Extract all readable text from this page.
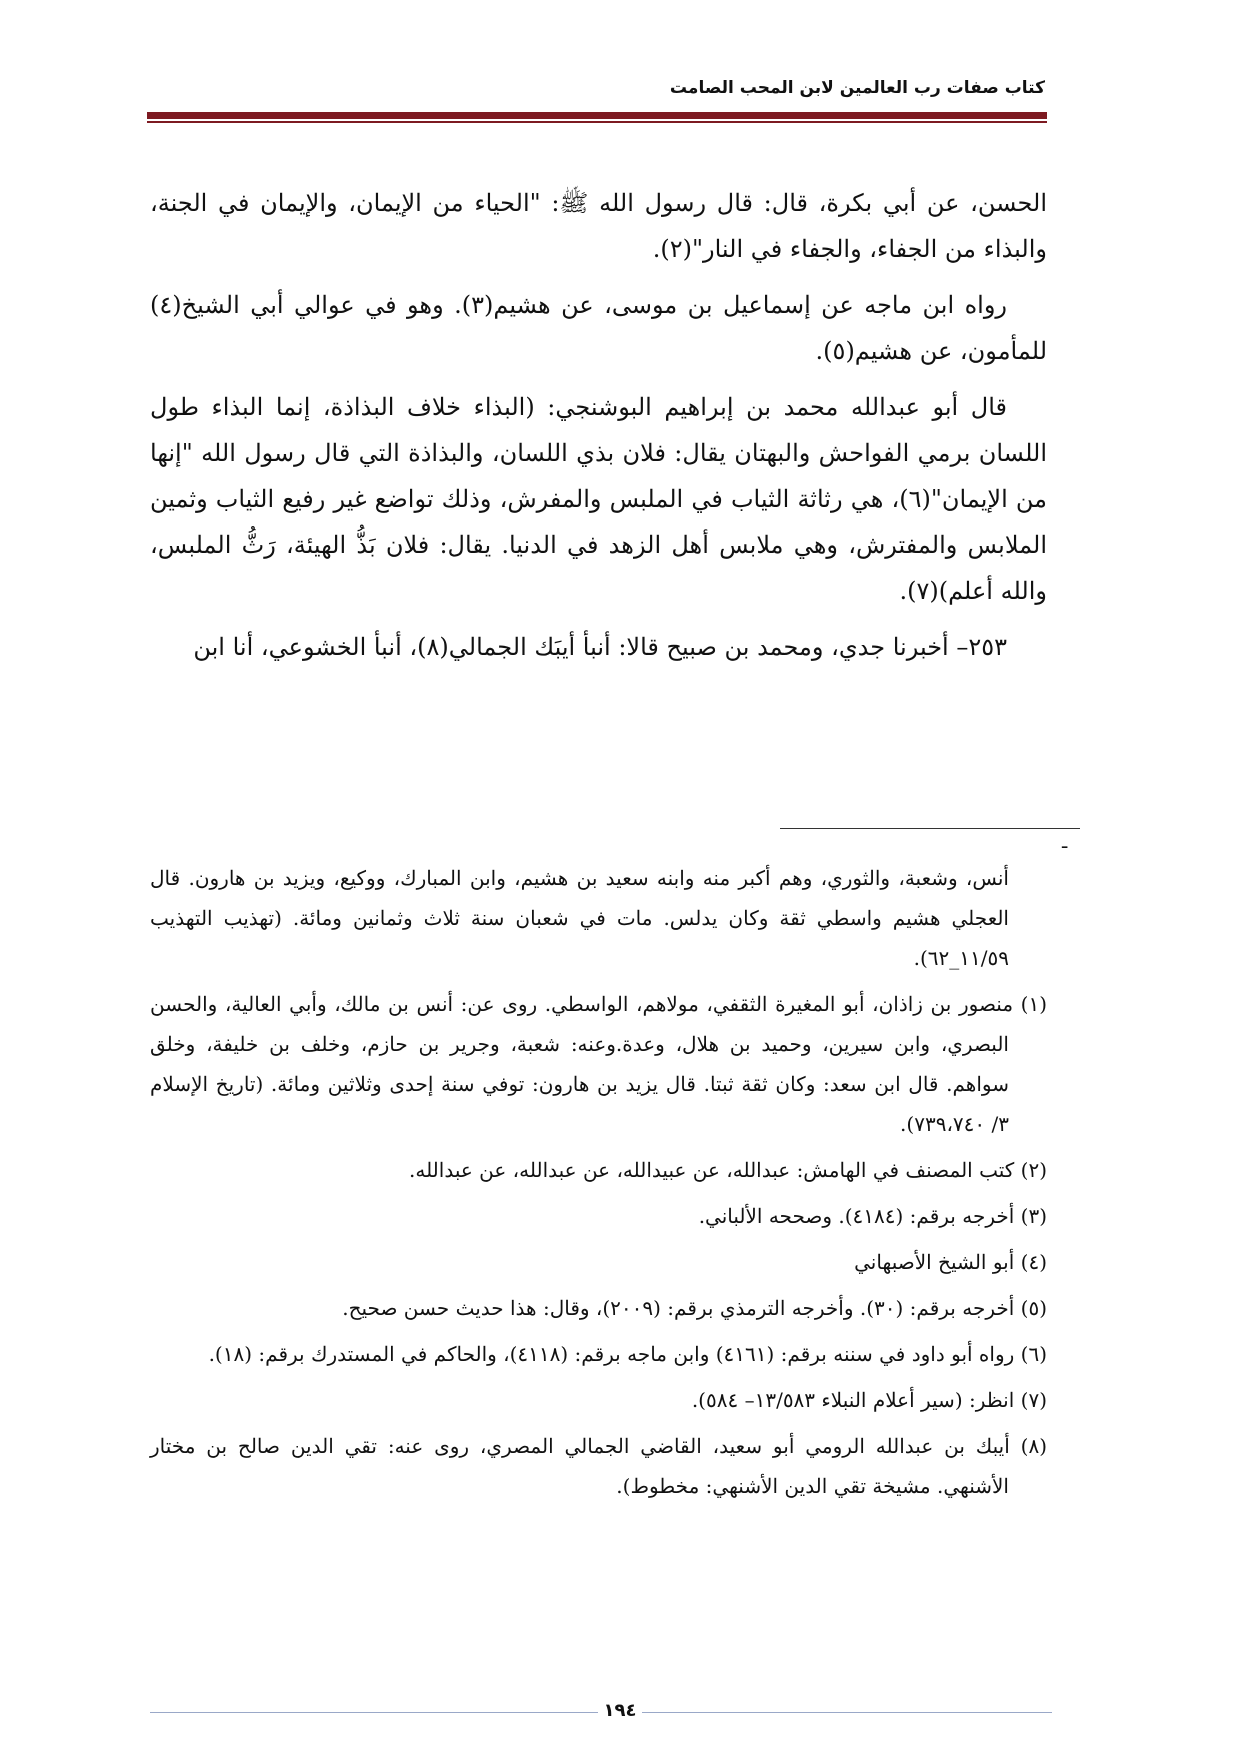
كتاب صفات رب العالمين لابن المحب الصامت

الحسن، عن أبي بكرة، قال: قال رسول الله ﷺ: "الحياء من الإيمان، والإيمان في الجنة، والبذاء من الجفاء، والجفاء في النار"(٢).

رواه ابن ماجه عن إسماعيل بن موسى، عن هشيم(٣). وهو في عوالي أبي الشيخ(٤) للمأمون، عن هشيم(٥).

قال أبو عبدالله محمد بن إبراهيم البوشنجي: (البذاء خلاف البذاذة، إنما البذاء طول اللسان برمي الفواحش والبهتان يقال: فلان بذي اللسان، والبذاذة التي قال رسول الله "إنها من الإيمان"(٦)، هي رثاثة الثياب في الملبس والمفرش، وذلك تواضع غير رفيع الثياب وثمين الملابس والمفترش، وهي ملابس أهل الزهد في الدنيا. يقال: فلان بَذُّ الهيئة، رَثُّ الملبس، والله أعلم)(٧).

٢٥٣– أخبرنا جدي، ومحمد بن صبيح قالا: أنبأ أيبَك الجمالي(٨)، أنبأ الخشوعي، أنا ابن

ـ

أنس، وشعبة، والثوري، وهم أكبر منه وابنه سعيد بن هشيم، وابن المبارك، ووكيع، ويزيد بن هارون. قال العجلي هشيم واسطي ثقة وكان يدلس. مات في شعبان سنة ثلاث وثمانين ومائة. (تهذيب التهذيب ١١/٥٩_٦٢).

(١) منصور بن زاذان، أبو المغيرة الثقفي، مولاهم، الواسطي. روى عن: أنس بن مالك، وأبي العالية، والحسن البصري، وابن سيرين، وحميد بن هلال، وعدة.وعنه: شعبة، وجرير بن حازم، وخلف بن خليفة، وخلق سواهم. قال ابن سعد: وكان ثقة ثبتا. قال يزيد بن هارون: توفي سنة إحدى وثلاثين ومائة. (تاريخ الإسلام ٣/ ٧٣٩،٧٤٠).

(٢) كتب المصنف في الهامش: عبدالله، عن عبيدالله، عن عبدالله، عن عبدالله.

(٣) أخرجه برقم: (٤١٨٤). وصححه الألباني.

(٤) أبو الشيخ الأصبهاني

(٥) أخرجه برقم: (٣٠). وأخرجه الترمذي برقم: (٢٠٠٩)، وقال: هذا حديث حسن صحيح.

(٦) رواه أبو داود في سننه برقم: (٤١٦١) وابن ماجه برقم: (٤١١٨)، والحاكم في المستدرك برقم: (١٨).

(٧) انظر: (سير أعلام النبلاء ١٣/٥٨٣– ٥٨٤).

(٨) أيبك بن عبدالله الرومي أبو سعيد، القاضي الجمالي المصري، روى عنه: تقي الدين صالح بن مختار الأشنهي. مشيخة تقي الدين الأشنهي: مخطوط).

١٩٤
